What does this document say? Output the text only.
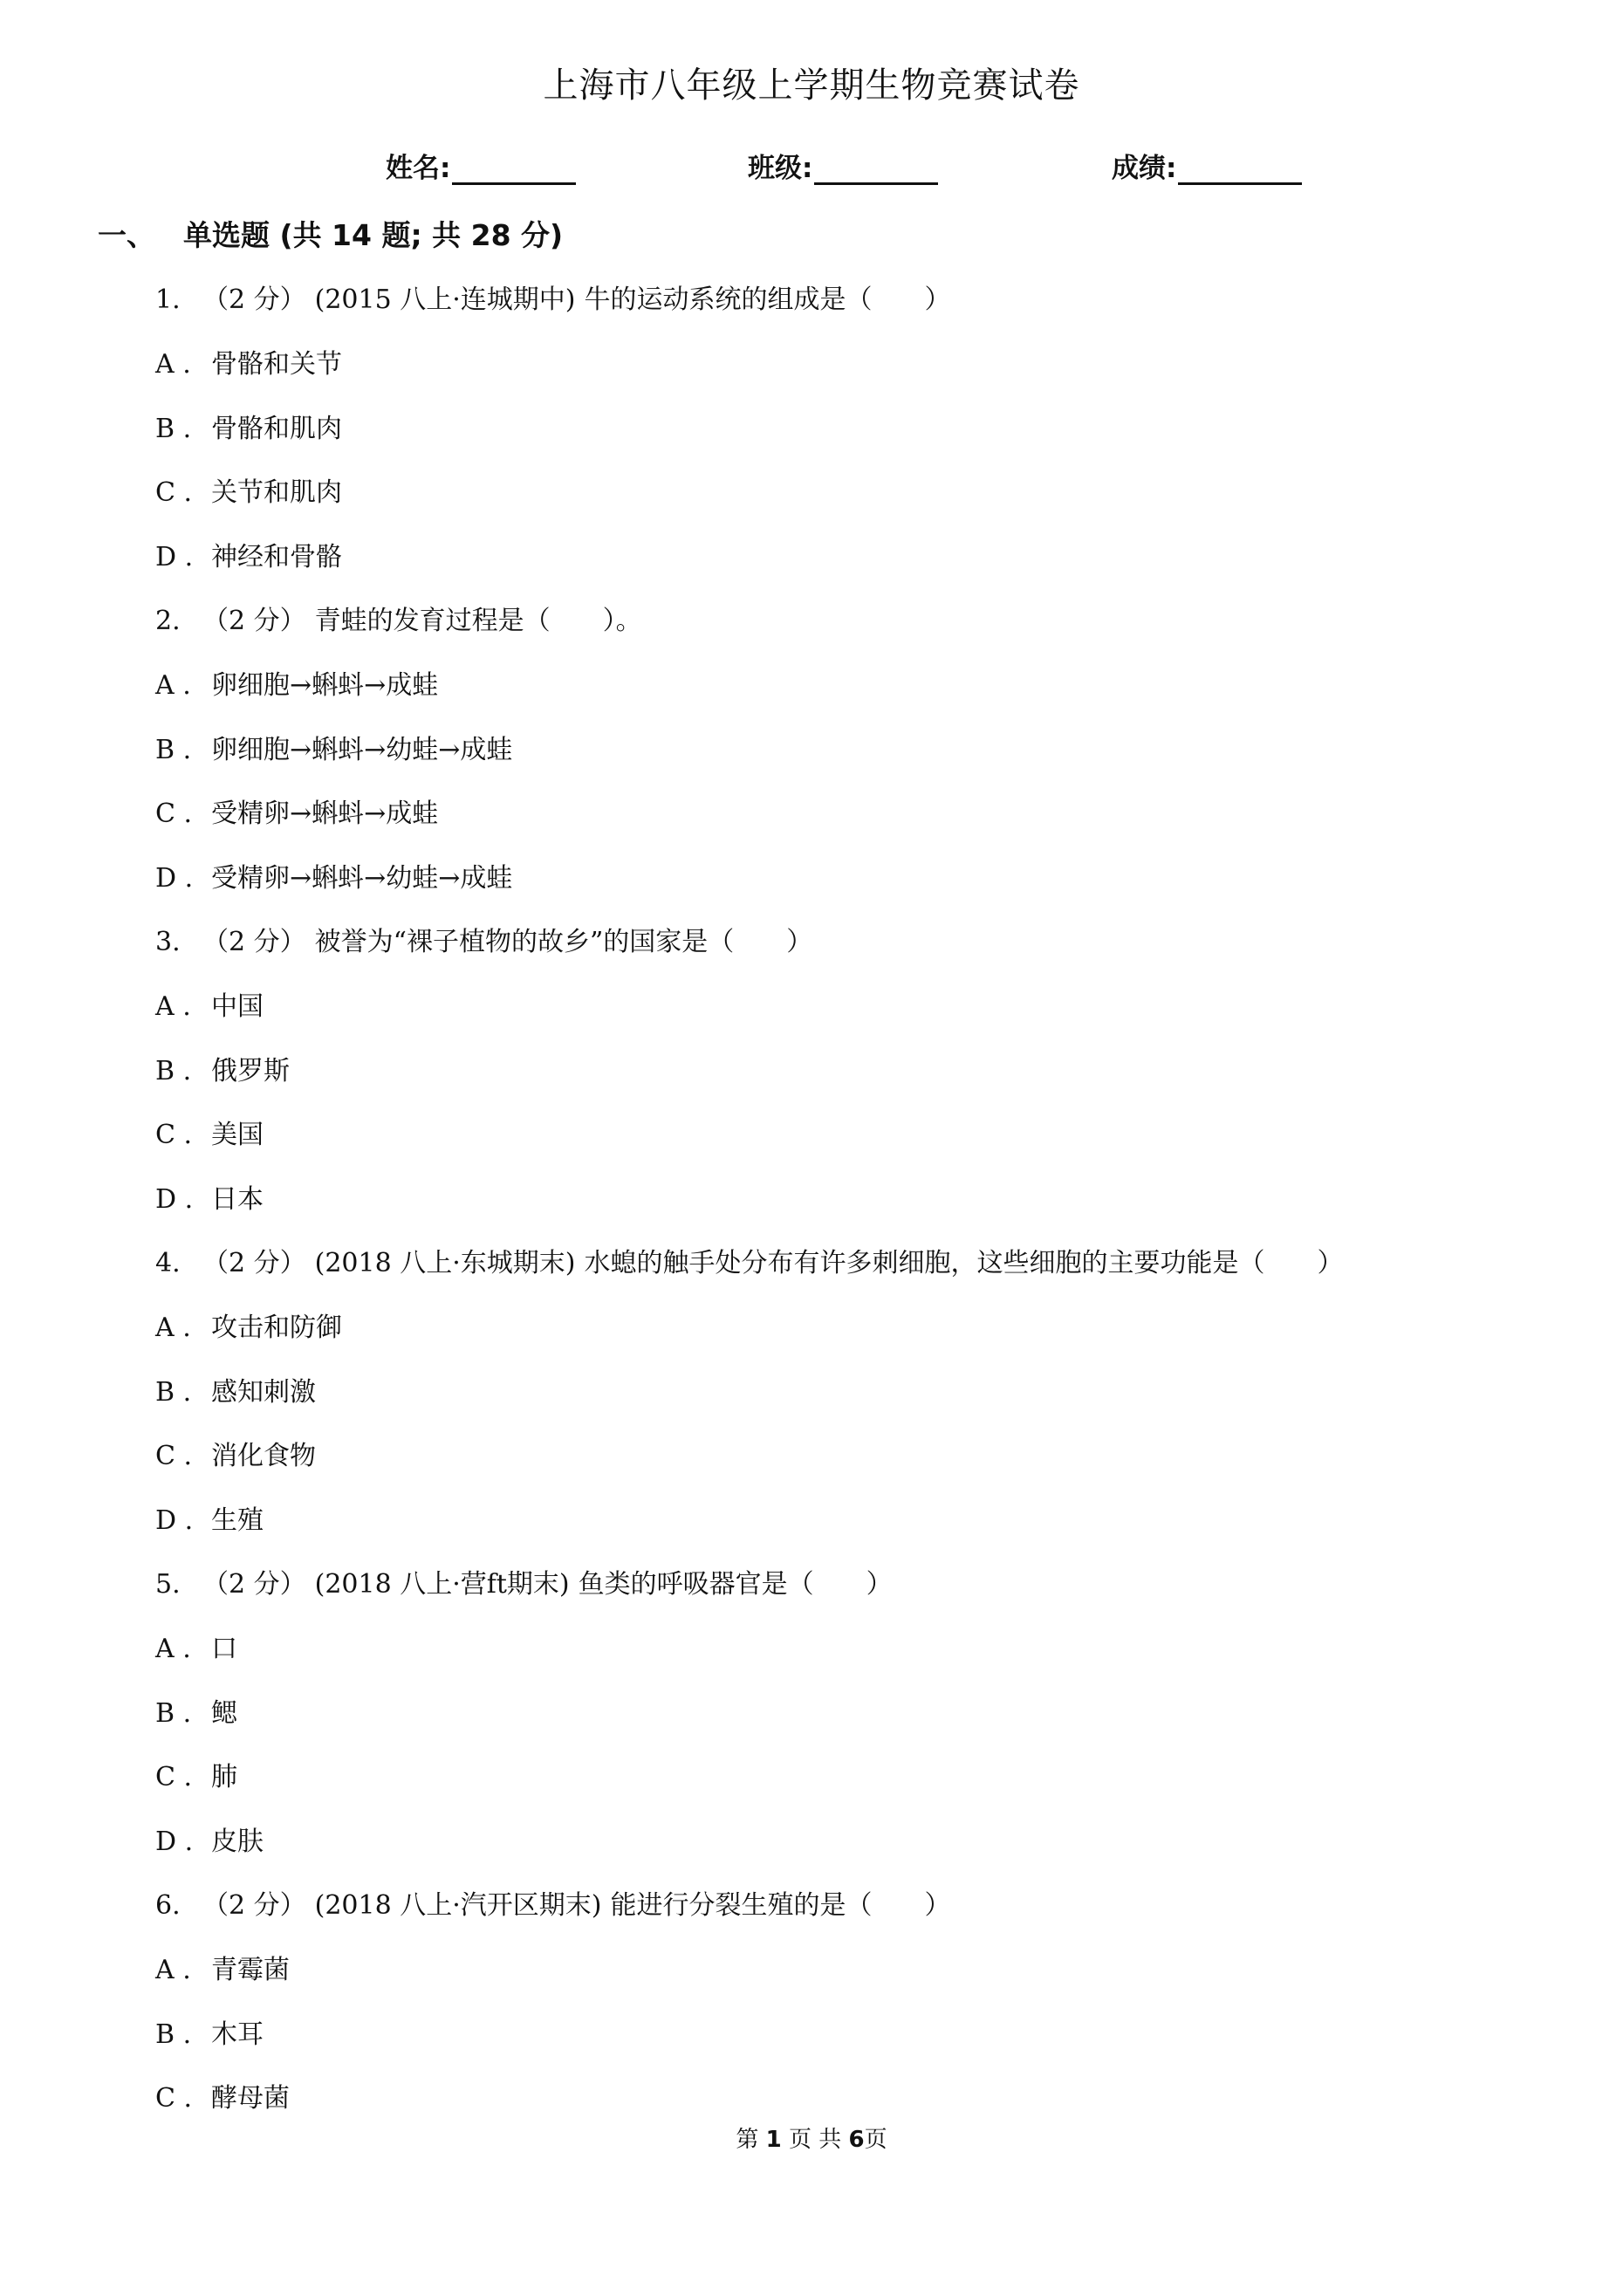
上海市八年级上学期生物竞赛试卷
姓名:	班级:	成绩:
一、 单选题 (共 14 题; 共 28 分)
1. （2 分） (2015 八上·连城期中) 牛的运动系统的组成是（　　）
A . 骨骼和关节
B . 骨骼和肌肉
C . 关节和肌肉
D . 神经和骨骼
2. （2 分） 青蛙的发育过程是（　　）。
A . 卵细胞→蝌蚪→成蛙
B . 卵细胞→蝌蚪→幼蛙→成蛙
C . 受精卵→蝌蚪→成蛙
D . 受精卵→蝌蚪→幼蛙→成蛙
3. （2 分） 被誉为“裸子植物的故乡”的国家是（　　）
A . 中国
B . 俄罗斯
C . 美国
D . 日本
4. （2 分） (2018 八上·东城期末) 水螅的触手处分布有许多刺细胞，这些细胞的主要功能是（　　）
A . 攻击和防御
B . 感知刺激
C . 消化食物
D . 生殖
5. （2 分） (2018 八上·营ft期末) 鱼类的呼吸器官是（　　）
A . 口
B . 鳃
C . 肺
D . 皮肤
6. （2 分） (2018 八上·汽开区期末) 能进行分裂生殖的是（　　）
A . 青霉菌
B . 木耳
C . 酵母菌
第 1 页 共 6页
